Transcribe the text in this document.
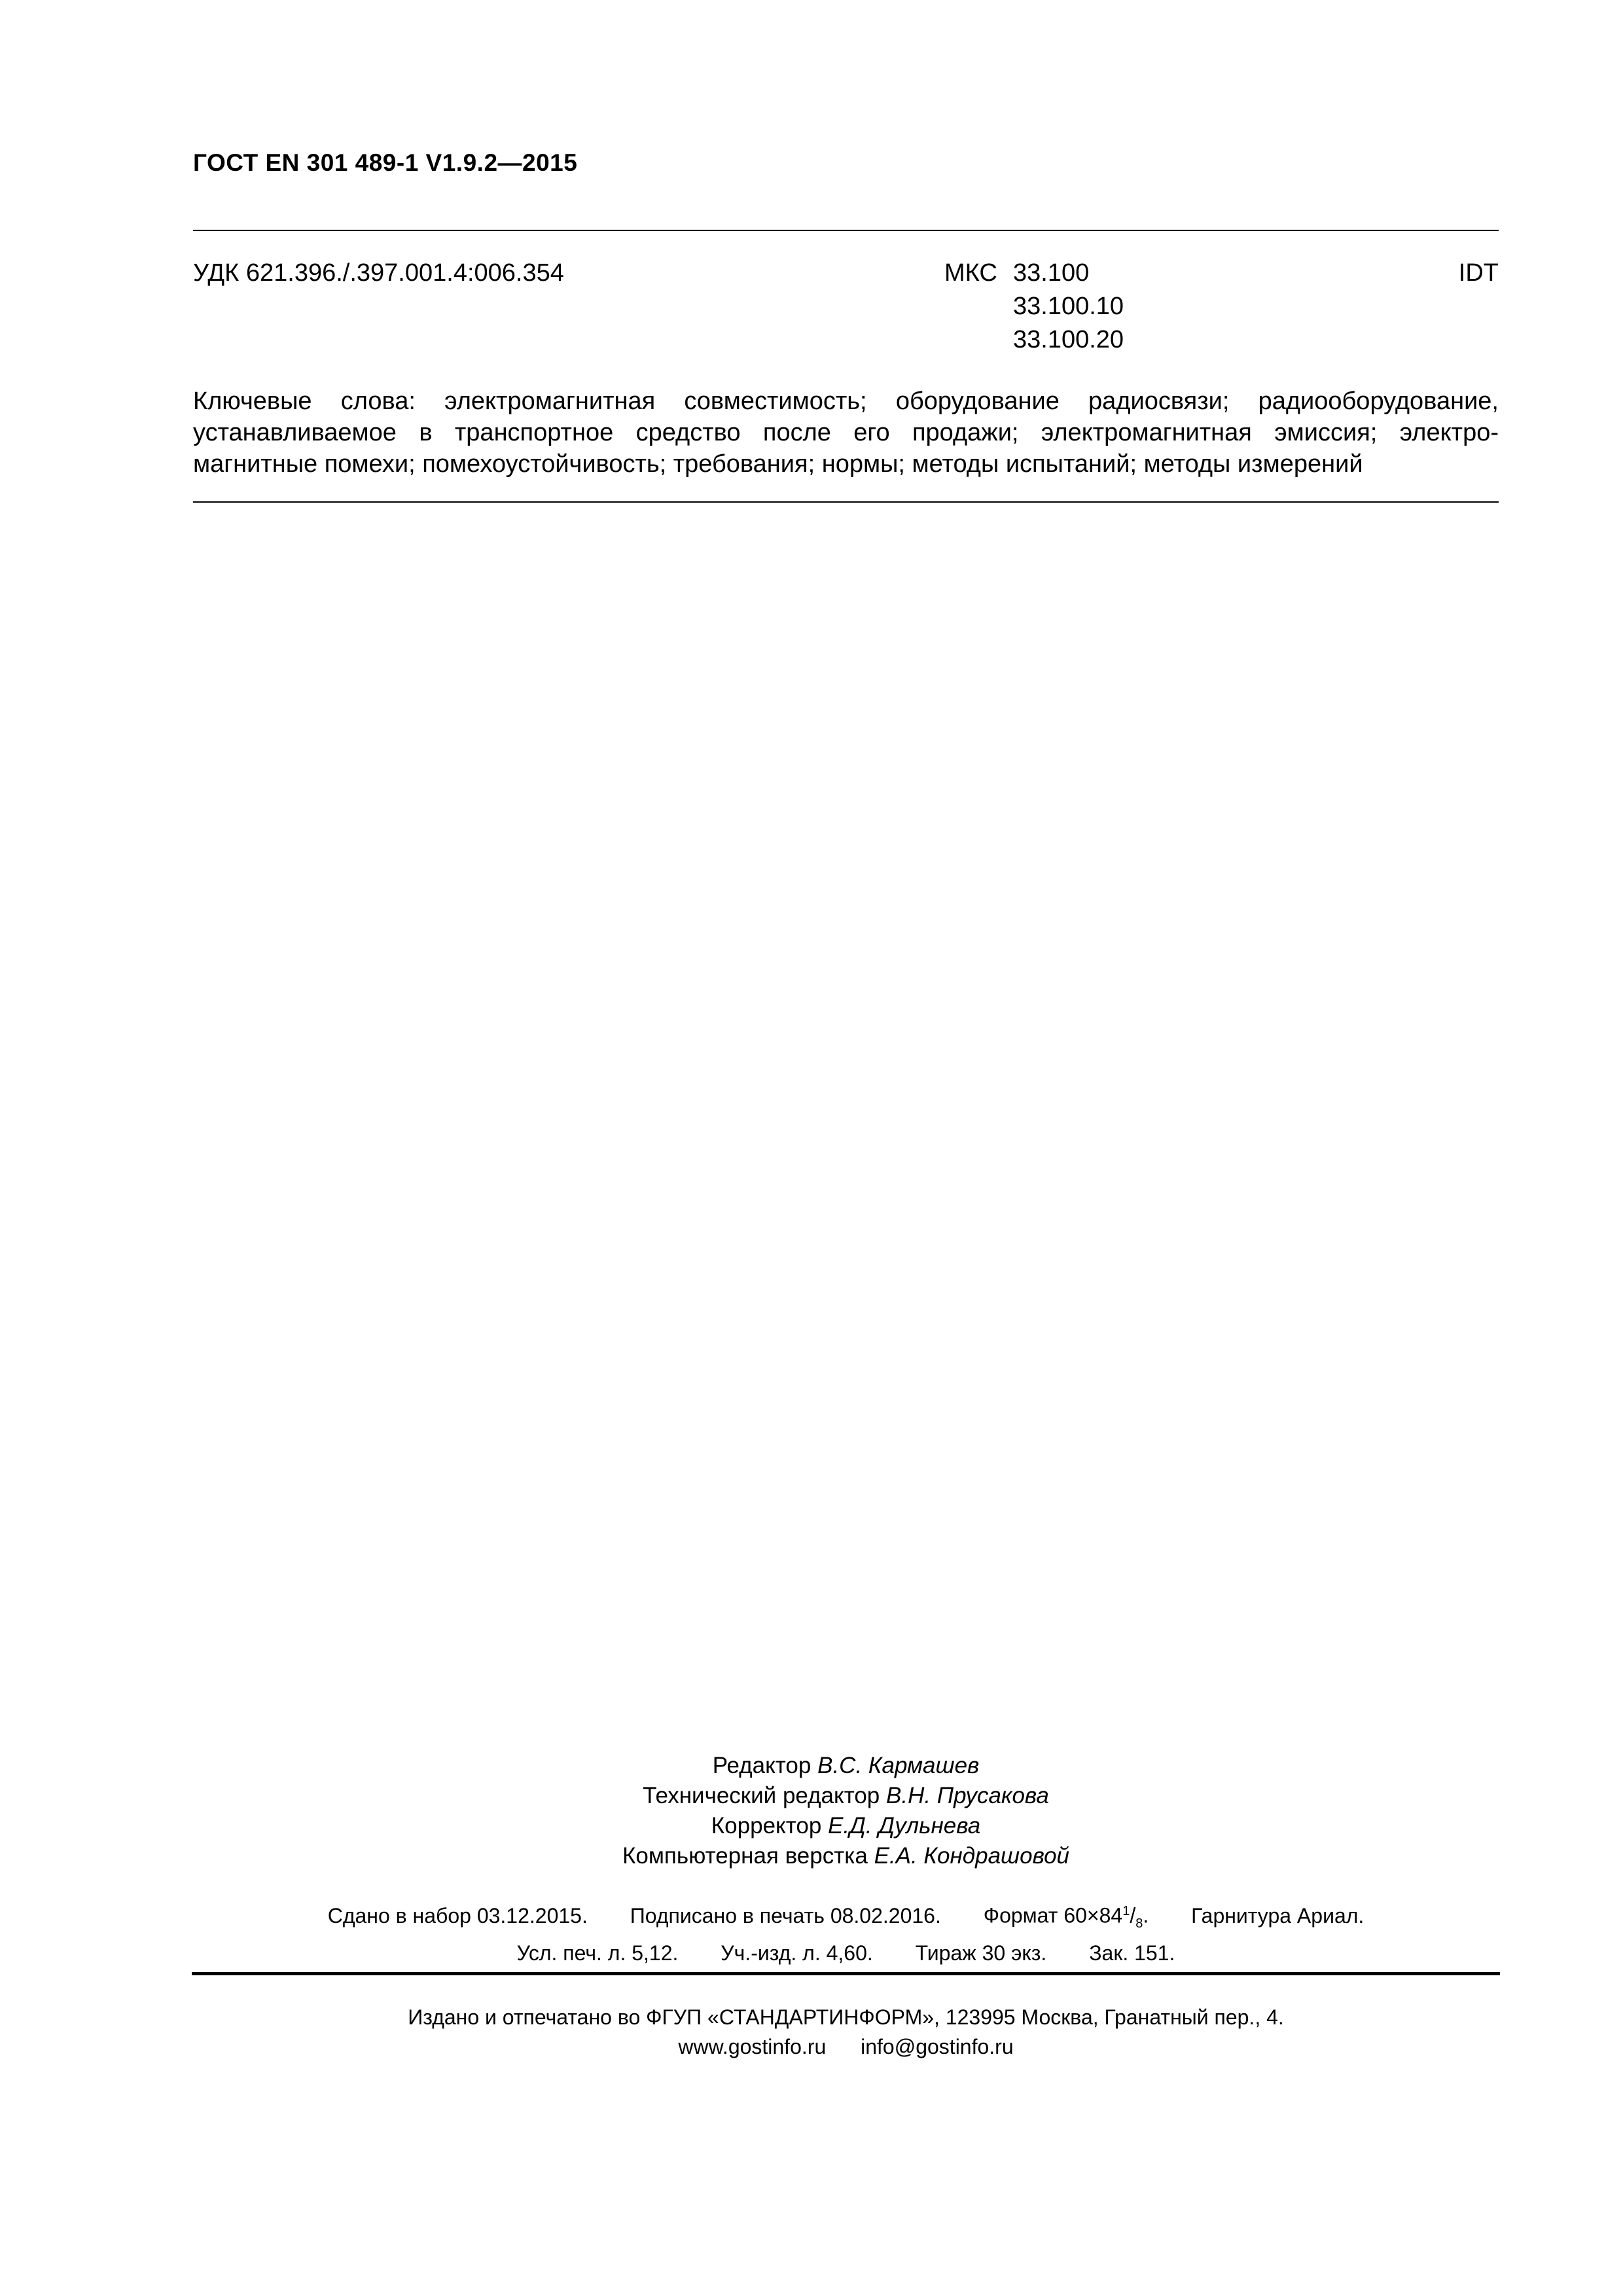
ГОСТ EN 301 489-1 V1.9.2—2015
УДК 621.396./.397.001.4:006.354	МКС 33.100
33.100.10
33.100.20
IDT
Ключевые слова: электромагнитная совместимость; оборудование радиосвязи; радиооборудование,
устанавливаемое в транспортное средство после его продажи; электромагнитная эмиссия; электро-
магнитные помехи; помехоустойчивость; требования; нормы; методы испытаний; методы измерений
Редактор В.С. Кармашев
Технический редактор В.Н. Прусакова
Корректор Е.Д. Дульнева
Компьютерная верстка Е.А. Кондрашовой
Сдано в набор 03.12.2015. Подписано в печать 08.02.2016. Формат $60\times 84^1/_8$. Гарнитура Ариал.
Усл. печ. л. 5,12. Уч.-изд. л. 4,60. Тираж 30 экз. Зак. 151.
Издано и отпечатано во ФГУП «СТАНДАРТИНФОРМ», 123995 Москва, Гранатный пер., 4.
www.gostinfo.ru info@gostinfo.ru
